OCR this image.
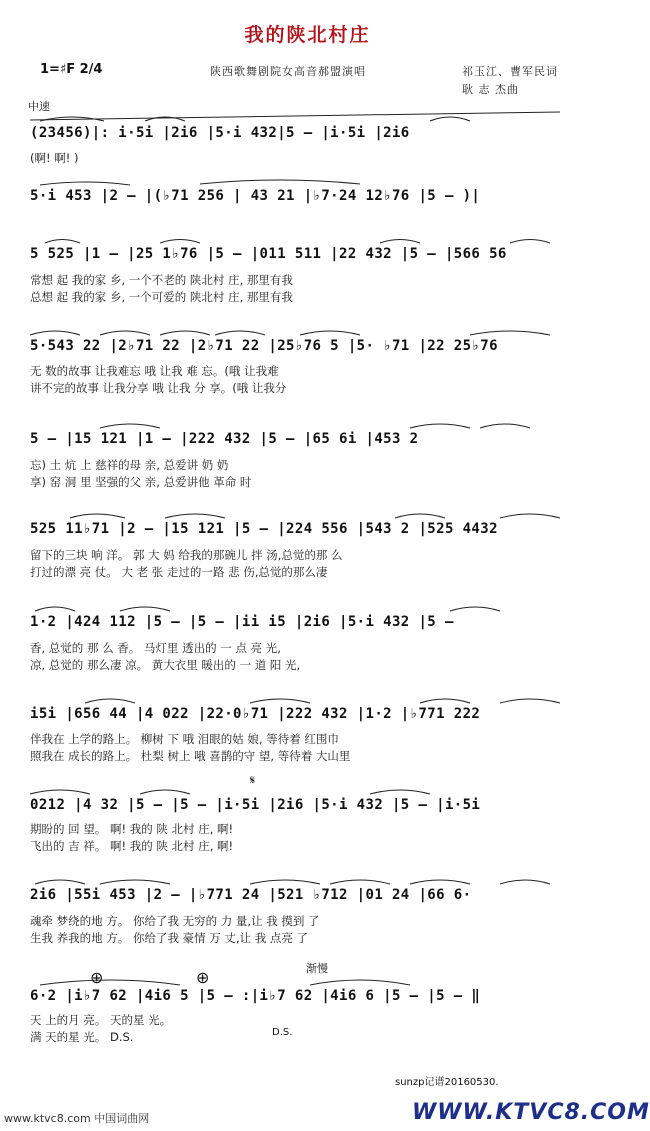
我的陕北村庄
1=♯F 2/4	陕西歌舞剧院女高音郝盟演唱	祁玉江、曹军民词
耿 志 杰曲
中速
(23456)|: i·5i |2i6 |5·i 432|5 – |i·5i |2i6
(啊! 啊! )
5·i 453 |2 – |(♭71 256 | 43 21 |♭7·24 12♭76 |5 – )|
5 525 |1 – |25 1♭76 |5 – |011 511 |22 432 |5 – |566 56
常想 起 我的家 乡, 一个不老的 陕北村 庄, 那里有我
总想 起 我的家 乡, 一个可爱的 陕北村 庄, 那里有我
5·543 22 |2♭71 22 |2♭71 22 |25♭76 5 |5· ♭71 |22 25♭76
无 数的故事 让我难忘 哦 让我 难 忘。(哦 让我难
讲不完的故事 让我分享 哦 让我 分 享。(哦 让我分
5 – |15 121 |1 – |222 432 |5 – |65 6i |453 2
忘) 土 炕 上 慈祥的母 亲, 总爱讲 奶 奶
享) 窑 洞 里 坚强的父 亲, 总爱讲他 革命 时
525 11♭71 |2 – |15 121 |5 – |224 556 |543 2 |525 4432
留下的三块 响 洋。 郭 大 妈 给我的那碗儿 拌 汤,总觉的那 么
打过的漂 亮 仗。 大 老 张 走过的一路 悲 伤,总觉的那么凄
1·2 |424 112 |5 – |5 – |ii i5 |2i6 |5·i 432 |5 –
香, 总觉的 那 么 香。 马灯里 透出的 一 点 亮 光,
凉, 总觉的 那么凄 凉。 黄大衣里 暖出的 一 道 阳 光,
i5i |656 44 |4 022 |22·0♭71 |222 432 |1·2 |♭771 222
伴我在 上学的路上。 柳树 下 哦 泪眼的姑 娘, 等待着 红围巾
照我在 成长的路上。 杜梨 树上 哦 喜鹊的守 望, 等待着 大山里
0212 |4 32 |5 – |5 – |i·5i |2i6 |5·i 432 |5 – |i·5i
期盼的 回 望。 啊! 我的 陕 北村 庄, 啊!
飞出的 吉 祥。 啊! 我的 陕 北村 庄, 啊!
2i6 |55i 453 |2 – |♭771 24 |521 ♭712 |01 24 |66 6·
魂牵 梦绕的地 方。 你给了我 无穷的 力 量,让 我 摸到 了
生我 养我的地 方。 你给了我 豪情 万 丈,让 我 点亮 了
6·2 |i♭7 62 |4i6 5 |5 – :|i♭7 62 |4i6 6 |5 – |5 – ‖
天 上的月 亮。 天的星 光。
满 天的星 光。 D.S.
𝄋
⊕	⊕	渐慢
D.S.
sunzp记谱20160530.
www.ktvc8.com 中国词曲网	WWW.KTVC8.COM
